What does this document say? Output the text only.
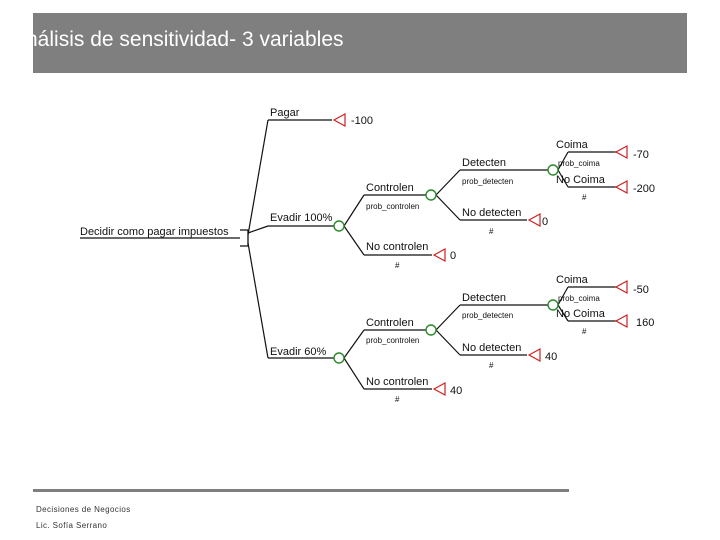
Análisis de sensitividad- 3 variables
Decidir como pagar impuestos
Pagar
-100
Evadir 100%
Evadir 60%
Controlen
prob_controlen
No controlen
#
0
Detecten
prob_detecten
No detecten
#
0
Coima
prob_coima
-70
No Coima
#
-200
Controlen
prob_controlen
No controlen
#
40
Detecten
prob_detecten
No detecten
#
40
Coima
prob_coima
-50
No Coima
#
160
Decisiones de Negocios
Lic. Sofía Serrano
